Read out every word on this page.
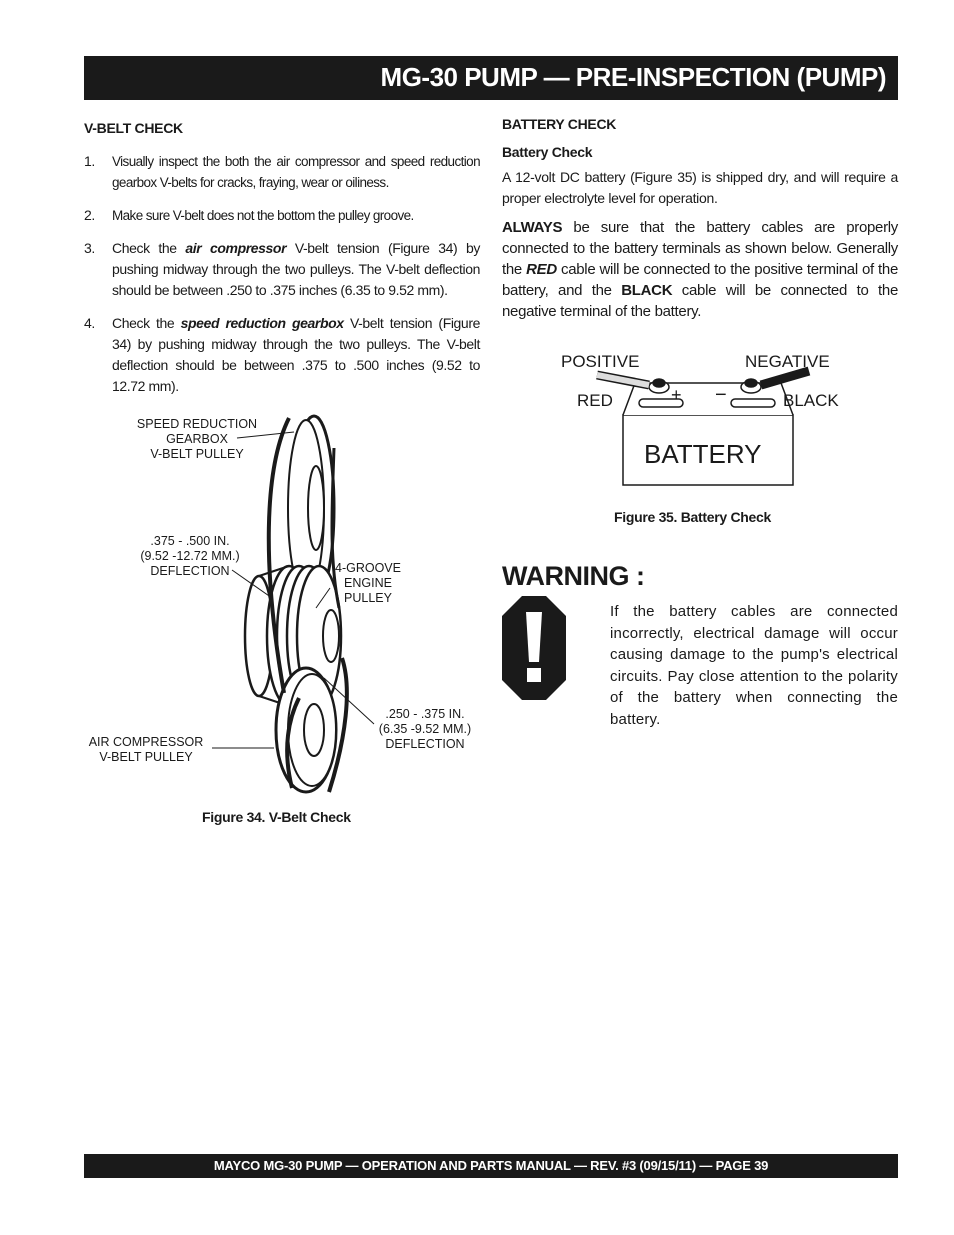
MG-30 PUMP — PRE-INSPECTION (PUMP)
V-BELT CHECK
1.	Visually inspect the both the air compressor and speed reduction gearbox V-belts for cracks, fraying, wear or oiliness.
2.	Make sure V-belt does not the bottom the pulley groove.
3.	Check the air compressor V-belt tension (Figure 34) by pushing midway through the two pulleys. The V-belt deflection should be between .250 to .375 inches (6.35 to 9.52 mm).
4.	Check the speed reduction gearbox V-belt tension (Figure 34) by pushing midway through the two pulleys. The V-belt deflection should be between .375 to .500 inches (9.52 to 12.72 mm).
SPEED REDUCTION
GEARBOX
V-BELT PULLEY
.375 - .500 IN.
(9.52 -12.72 MM.)
DEFLECTION	4-GROOVE
ENGINE
PULLEY
.250 - .375 IN.
(6.35 -9.52 MM.)
DEFLECTION
AIR COMPRESSOR
V-BELT PULLEY
Figure 34. V-Belt Check
BATTERY CHECK
Battery Check

A 12-volt DC battery (Figure 35) is shipped dry, and will require a proper electrolyte level for operation.

ALWAYS be sure that the battery cables are properly connected to the battery terminals as shown below. Generally the RED cable will be connected to the positive terminal of the battery, and the BLACK cable will be connected to the negative terminal of the battery.

POSITIVE	NEGATIVE
RED	BLACK
+ −
BATTERY
Figure 35. Battery Check
WARNING :
If the battery cables are connected incorrectly, electrical damage will occur causing damage to the pump's electrical circuits. Pay close attention to the polarity of the battery when connecting the battery.
MAYCO MG-30 PUMP — OPERATION AND PARTS MANUAL — REV. #3 (09/15/11) — PAGE 39
